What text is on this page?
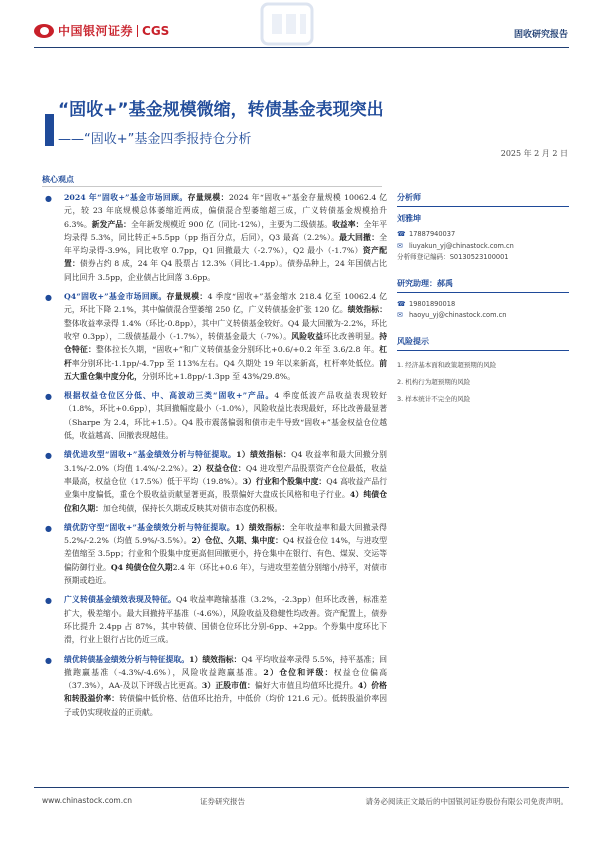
中国银河证券 CGS	固收研究报告
“固收+”基金规模微缩，转债基金表现突出
——“固收+”基金四季报持仓分析
2025 年 2 月 2 日
核心观点
● 2024 年“固收+”基金市场回顾。存量规模：2024 年“固收+”基金存量规模 10062.4 亿元，较 23 年底规模总体萎缩近两成，偏债混合型萎缩超三成，广义转债基金规模拾升 6.3%。新发产品：全年新发规模近 900 亿（同比-12%），主要为二级债基。收益率：全年平均录得 5.3%，同比转正+5.5pp（pp 指百分点，后同），Q3 最高（2.2%）。最大回撤：全年平均录得-3.9%，同比收窄 0.7pp，Q1 回撤最大（-2.7%），Q2 最小（-1.7%）资产配置：债券占约 8 成，24 年 Q4 股票占 12.3%（同比-1.4pp）。债券品种上，24 年国债占比同比回升 3.5pp，企业债占比回落 3.6pp。
● Q4“固收+”基金市场回顾。存量规模：4 季度“固收+”基金缩水 218.4 亿至 10062.4 亿元，环比下降 2.1%，其中偏债混合型萎缩 250 亿，广义转债基金扩张 120 亿。绩效指标：整体收益率录得 1.4%（环比-0.8pp），其中广义转债基金较好。Q4 最大回撤为-2.2%，环比收窄 0.3pp），二级债基最小（-1.7%），转债基金最大（-7%）。风险收益环比改善明显。持仓特征：整体拉长久期，“固收+”和广义转债基金分别环比+0.6/+0.2 年至 3.6/2.8 年。杠杆率分别环比-1.1pp/-4.7pp 至 113%左右。Q4 久期处 19 年以来新高，杠杆率处低位。前五大重仓集中度分化，分别环比+1.8pp/-1.3pp 至 43%/29.8%。
● 根据权益仓位区分低、中、高波动三类“固收+”产品。4 季度低波产品收益表现较好（1.8%，环比+0.6pp），其回撤幅度最小（-1.0%），风险收益比表现最好，环比改善最显著（Sharpe 为 2.4，环比+1.5）。Q4 股市震荡偏弱和债市走牛导致“固收+”基金权益仓位越低，收益越高、回撤表现越佳。
● 绩优进攻型“固收+”基金绩效分析与特征提取。1）绩效指标：Q4 收益率和最大回撤分别 3.1%/-2.0%（均值 1.4%/-2.2%）。2）权益仓位：Q4 进攻型产品股票资产仓位最低，收益率最高，权益仓位（17.5%）低于平均（19.8%）。3）行业和个股集中度：Q4 高收益产品行业集中度偏低，重仓个股收益贡献显著更高，股票偏好大盘成长风格和电子行业。4）纯债仓位和久期：加仓纯债，保持长久期或反映其对债市态度仍积极。
● 绩优防守型“固收+”基金绩效分析与特征提取。1）绩效指标：全年收益率和最大回撤录得 5.2%/-2.2%（均值 5.9%/-3.5%）。2）仓位、久期、集中度：Q4 权益仓位 14%，与进攻型差值缩至 3.5pp；行业和个股集中度更高但回撤更小，持仓集中在银行、有色、煤炭、交运等偏防御行业。Q4 纯债仓位久期2.4 年（环比+0.6 年），与进攻型差值分别缩小/持平，对债市预期或趋近。
● 广义转债基金绩效表现及特征。Q4 收益率跑输基准（3.2%，-2.3pp）但环比改善，标准差扩大，极差缩小。最大回撤持平基准（-4.6%），风险收益及稳健性均改善。资产配置上，债券环比提升 2.4pp 占 87%，其中转债、国债仓位环比分别-6pp、+2pp。个券集中度环比下滑，行业上银行占比仍近三成。
● 绩优转债基金绩效分析与特征提取。1）绩效指标：Q4 平均收益率录得 5.5%，持平基准；回撤跑赢基准（-4.3%/-4.6%），风险收益跑赢基准。2）仓位和评级：权益仓位偏高（37.3%），AA-及以下评级占比更高。3）正股市值：偏好大市值且均值环比提升。4）价格和转股溢价率：转债偏中低价格、估值环比抬升，中低价（均价 121.6 元）。低转股溢价率因子或仍实现收益的正贡献。
分析师
刘雅坤
☎ 17887940037
✉ liuyakun_yj@chinastock.com.cn
分析师登记编码：S0130523100001
研究助理：郝禹
☎ 19801890018
✉ haoyu_yj@chinastock.com.cn
风险提示
1. 经济基本面和政策超预期的风险
2. 机构行为超预期的风险
3. 样本统计不完全的风险
www.chinastock.com.cn	证券研究报告	请务必阅读正文最后的中国银河证券股份有限公司免责声明。
